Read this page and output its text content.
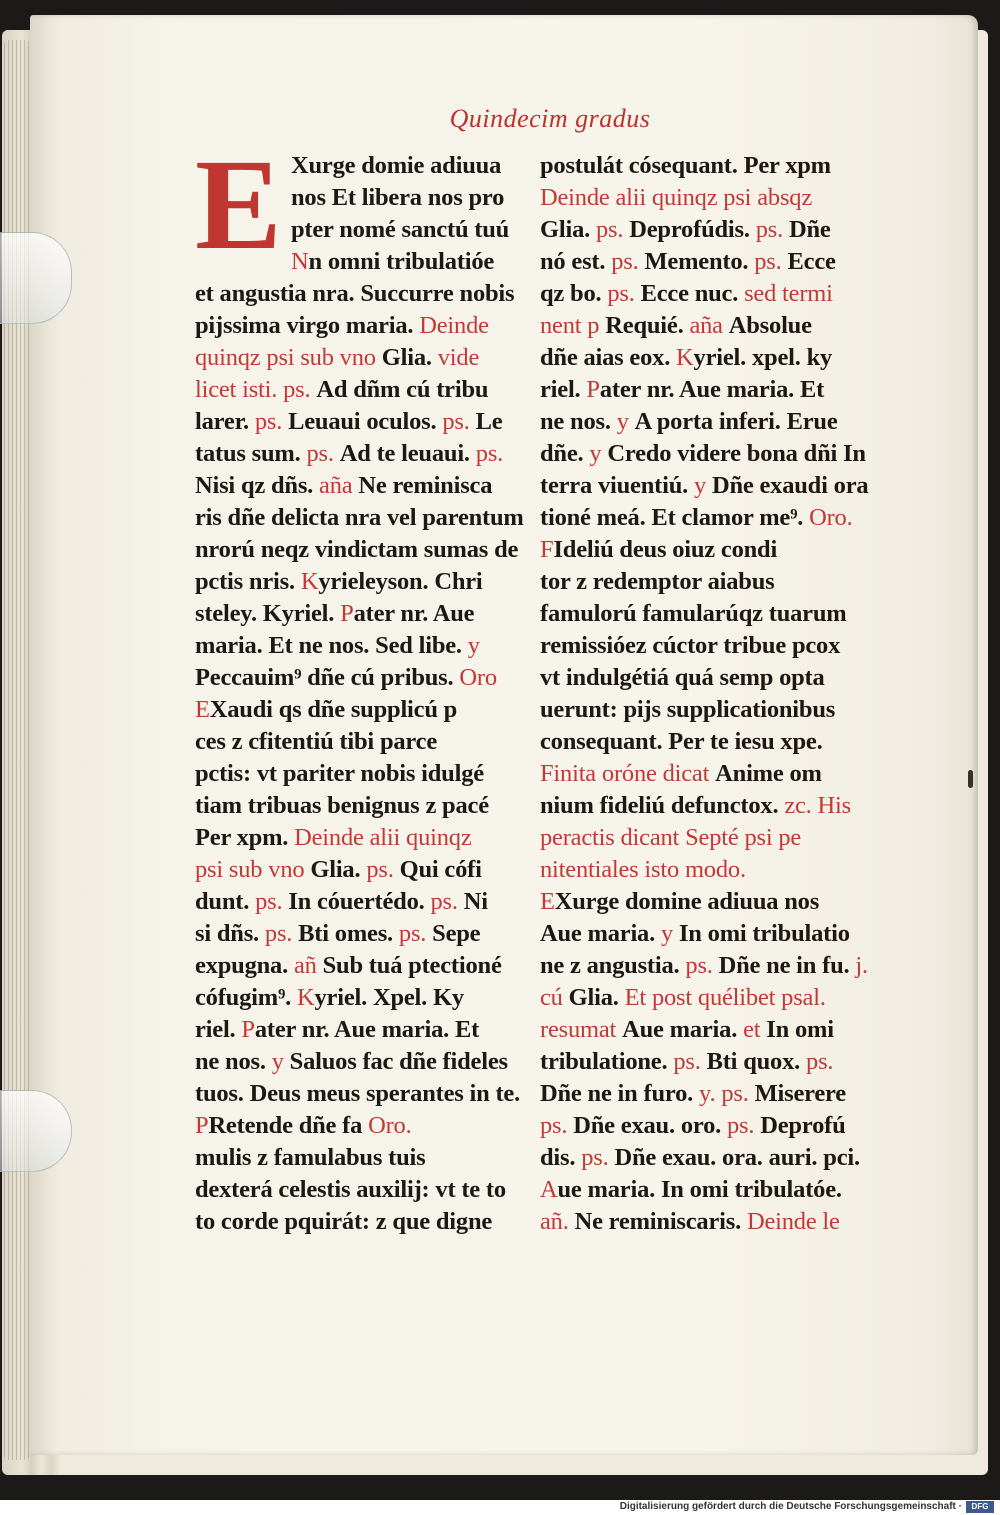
Quindecim gradus
E Xurge domie adiuua
nos Et libera nos pro
pter nomé sanctú tuú
Nn omni tribulatióe
et angustia nra. Succurre nobis
pijssima virgo maria. Deinde
quinqz psi sub vno Glia. vide
licet isti. ps. Ad dñm cú tribu
larer. ps. Leuaui oculos. ps. Le
tatus sum. ps. Ad te leuaui. ps.
Nisi qz dñs. aña Ne reminisca
ris dñe delicta nra vel parentum
nrorú neqz vindictam sumas de
pctis nris. Kyrieleyson. Chri
steley. Kyriel. Pater nr. Aue
maria. Et ne nos. Sed libe. y
Peccauim⁹ dñe cú pribus. Oro
EXaudi qs dñe supplicú p
ces z cfitentiú tibi parce
pctis: vt pariter nobis idulgé
tiam tribuas benignus z pacé
Per xpm. Deinde alii quinqz
psi sub vno Glia. ps. Qui cófi
dunt. ps. In cóuertédo. ps. Ni
si dñs. ps. Bti omes. ps. Sepe
expugna. añ Sub tuá ptectioné
cófugim⁹. Kyriel. Xpel. Ky
riel. Pater nr. Aue maria. Et
ne nos. y Saluos fac dñe fideles
tuos. Deus meus sperantes in te.
PRetende dñe fa Oro.
mulis z famulabus tuis
dexterá celestis auxilij: vt te to
to corde pquirát: z que digne
postulát cósequant. Per xpm
Deinde alii quinqz psi absqz
Glia. ps. Deprofúdis. ps. Dñe
nó est. ps. Memento. ps. Ecce
qz bo. ps. Ecce nuc. sed termi
nent p Requié. aña Absolue
dñe aias eox. Kyriel. xpel. ky
riel. Pater nr. Aue maria. Et
ne nos. y A porta inferi. Erue
dñe. y Credo videre bona dñi In
terra viuentiú. y Dñe exaudi ora
tioné meá. Et clamor me⁹. Oro.
FIdeliú deus oiuz condi
tor z redemptor aiabus
famulorú famularúqz tuarum
remissióez cúctor tribue pcox
vt indulgétiá quá semp opta
uerunt: pijs supplicationibus
consequant. Per te iesu xpe.
Finita oróne dicat Anime om
nium fideliú defunctox. zc. His
peractis dicant Septé psi pe
nitentiales isto modo.
EXurge domine adiuua nos
Aue maria. y In omi tribulatio
ne z angustia. ps. Dñe ne in fu. j.
cú Glia. Et post quélibet psal.
resumat Aue maria. et In omi
tribulatione. ps. Bti quox. ps.
Dñe ne in furo. y. ps. Miserere
ps. Dñe exau. oro. ps. Deprofú
dis. ps. Dñe exau. ora. auri. pci.
Aue maria. In omi tribulatóe.
añ. Ne reminiscaris. Deinde le
Digitalisierung gefördert durch die Deutsche Forschungsgemeinschaft ·	DFG
